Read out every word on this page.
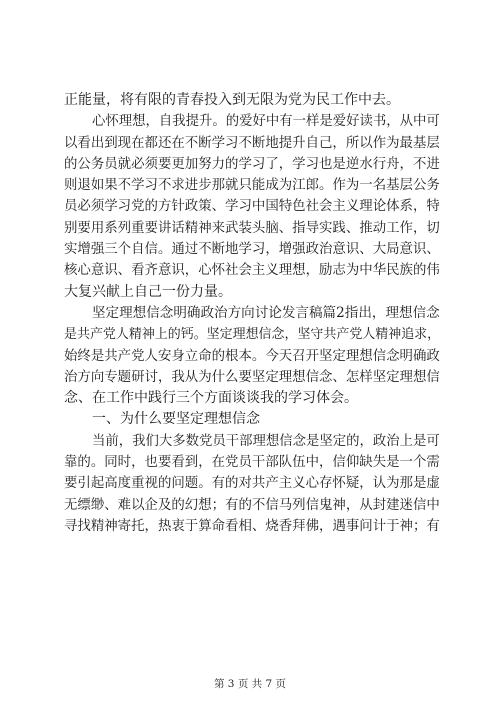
正能量，将有限的青春投入到无限为党为民工作中去。
心怀理想，自我提升。的爱好中有一样是爱好读书，从中可
以看出到现在都还在不断学习不断地提升自己，所以作为最基层
的公务员就必须要更加努力的学习了，学习也是逆水行舟，不进
则退如果不学习不求进步那就只能成为江郎。作为一名基层公务
员必须学习党的方针政策、学习中国特色社会主义理论体系，特
别要用系列重要讲话精神来武装头脑、指导实践、推动工作，切
实增强三个自信。通过不断地学习，增强政治意识、大局意识、
核心意识、看齐意识，心怀社会主义理想，励志为中华民族的伟
大复兴献上自己一份力量。
坚定理想信念明确政治方向讨论发言稿篇2指出，理想信念
是共产党人精神上的钙。坚定理想信念，坚守共产党人精神追求，
始终是共产党人安身立命的根本。今天召开坚定理想信念明确政
治方向专题研讨，我从为什么要坚定理想信念、怎样坚定理想信
念、在工作中践行三个方面谈谈我的学习体会。
一、为什么要坚定理想信念
当前，我们大多数党员干部理想信念是坚定的，政治上是可
靠的。同时，也要看到，在党员干部队伍中，信仰缺失是一个需
要引起高度重视的问题。有的对共产主义心存怀疑，认为那是虚
无缥缈、难以企及的幻想；有的不信马列信鬼神，从封建迷信中
寻找精神寄托，热衷于算命看相、烧香拜佛，遇事问计于神；有
第 3 页 共 7 页
